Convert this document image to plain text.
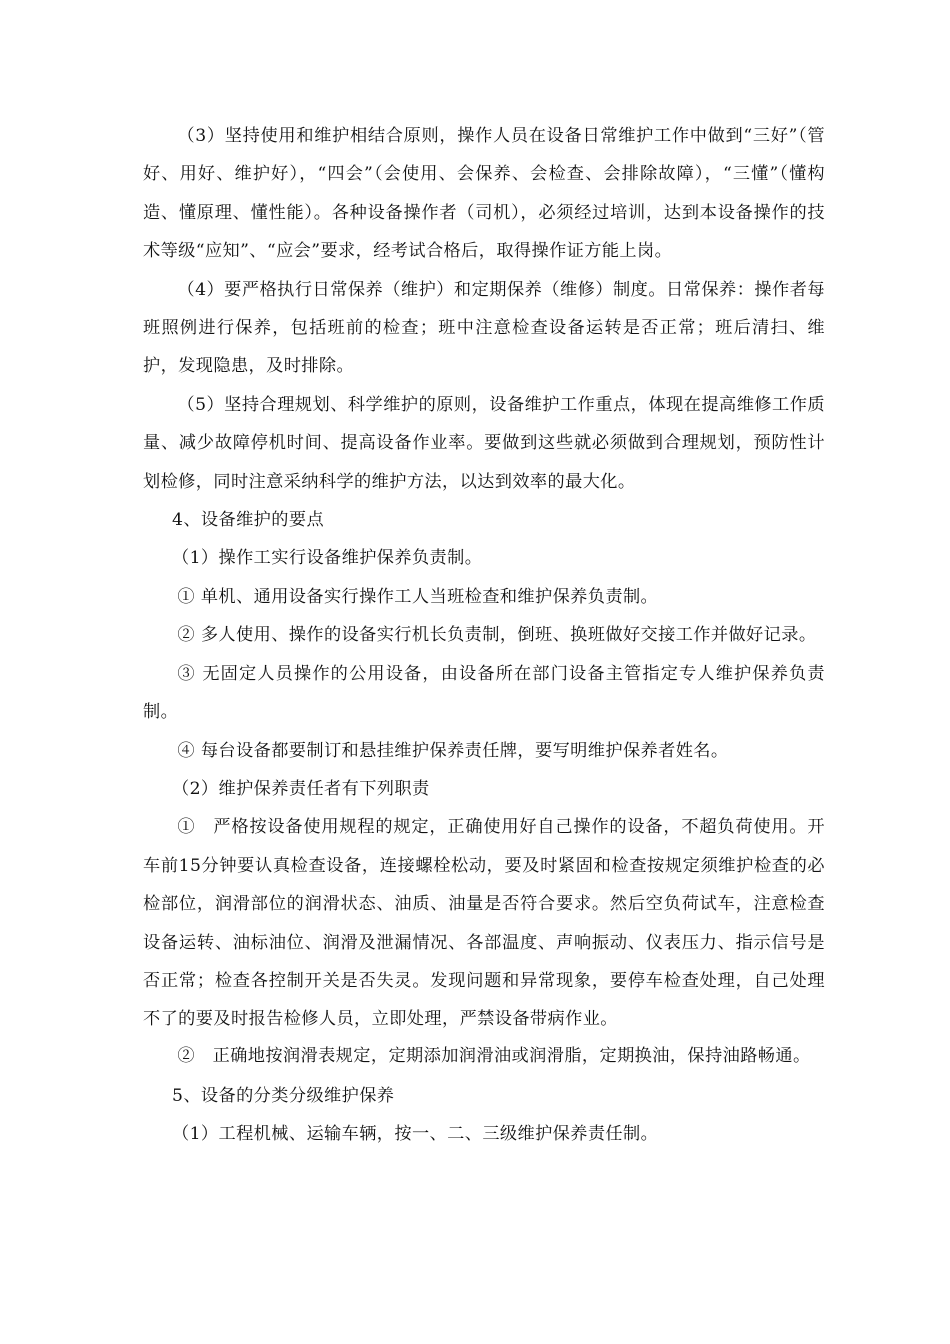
（3）坚持使用和维护相结合原则，操作人员在设备日常维护工作中做到“三好”（管好、用好、维护好），“四会”（会使用、会保养、会检查、会排除故障），“三懂”（懂构造、懂原理、懂性能）。各种设备操作者（司机），必须经过培训，达到本设备操作的技术等级“应知”、“应会”要求，经考试合格后，取得操作证方能上岗。

（4）要严格执行日常保养（维护）和定期保养（维修）制度。日常保养：操作者每班照例进行保养，包括班前的检查；班中注意检查设备运转是否正常；班后清扫、维护，发现隐患，及时排除。

（5）坚持合理规划、科学维护的原则，设备维护工作重点，体现在提高维修工作质量、减少故障停机时间、提高设备作业率。要做到这些就必须做到合理规划，预防性计划检修，同时注意采纳科学的维护方法，以达到效率的最大化。

4、设备维护的要点

（1）操作工实行设备维护保养负责制。

① 单机、通用设备实行操作工人当班检查和维护保养负责制。

② 多人使用、操作的设备实行机长负责制，倒班、换班做好交接工作并做好记录。

③ 无固定人员操作的公用设备，由设备所在部门设备主管指定专人维护保养负责制。

④ 每台设备都要制订和悬挂维护保养责任牌，要写明维护保养者姓名。

（2）维护保养责任者有下列职责

①　严格按设备使用规程的规定，正确使用好自己操作的设备，不超负荷使用。开车前15分钟要认真检查设备，连接螺栓松动，要及时紧固和检查按规定须维护检查的必检部位，润滑部位的润滑状态、油质、油量是否符合要求。然后空负荷试车，注意检查设备运转、油标油位、润滑及泄漏情况、各部温度、声响振动、仪表压力、指示信号是否正常；检查各控制开关是否失灵。发现问题和异常现象，要停车检查处理，自己处理不了的要及时报告检修人员，立即处理，严禁设备带病作业。

②　正确地按润滑表规定，定期添加润滑油或润滑脂，定期换油，保持油路畅通。

5、设备的分类分级维护保养

（1）工程机械、运输车辆，按一、二、三级维护保养责任制。
